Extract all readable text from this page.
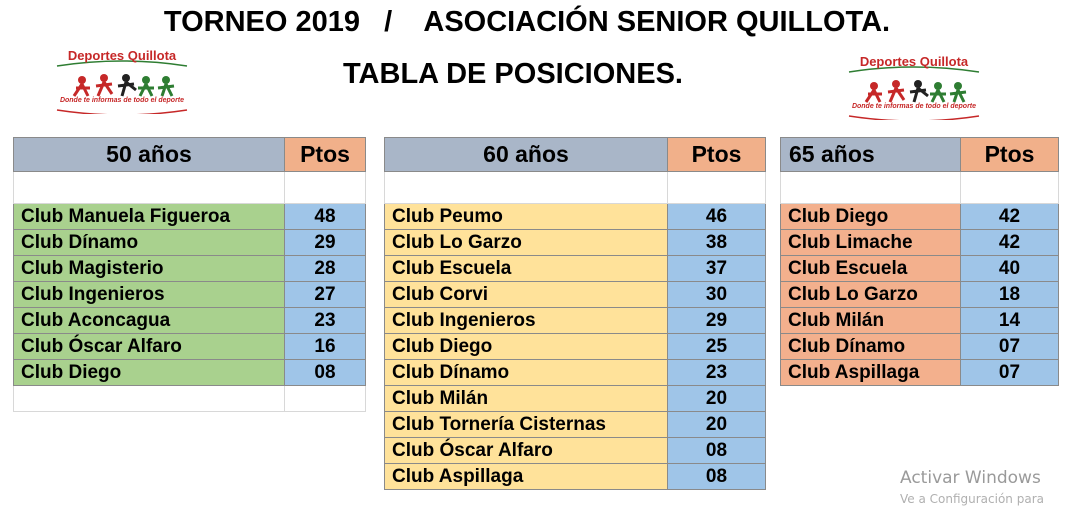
TORNEO 2019   /    ASOCIACIÓN SENIOR QUILLOTA.
TABLA DE POSICIONES.
Deportes Quillota
Donde te informas de todo el deporte
Deportes Quillota
Donde te informas de todo el deporte
50 años	Ptos

Club Manuela Figueroa	48
Club Dínamo	29
Club Magisterio	28
Club Ingenieros	27
Club Aconcagua	23
Club Óscar Alfaro	16
Club Diego	08

60 años	Ptos

Club Peumo	46
Club Lo Garzo	38
Club Escuela	37
Club Corvi	30
Club Ingenieros	29
Club Diego	25
Club Dínamo	23
Club Milán	20
Club Tornería Cisternas	20
Club Óscar Alfaro	08
Club Aspillaga	08
65 años	Ptos

Club Diego	42
Club Limache	42
Club Escuela	40
Club Lo Garzo	18
Club Milán	14
Club Dínamo	07
Club Aspillaga	07
Activar Windows
Ve a Configuración para
